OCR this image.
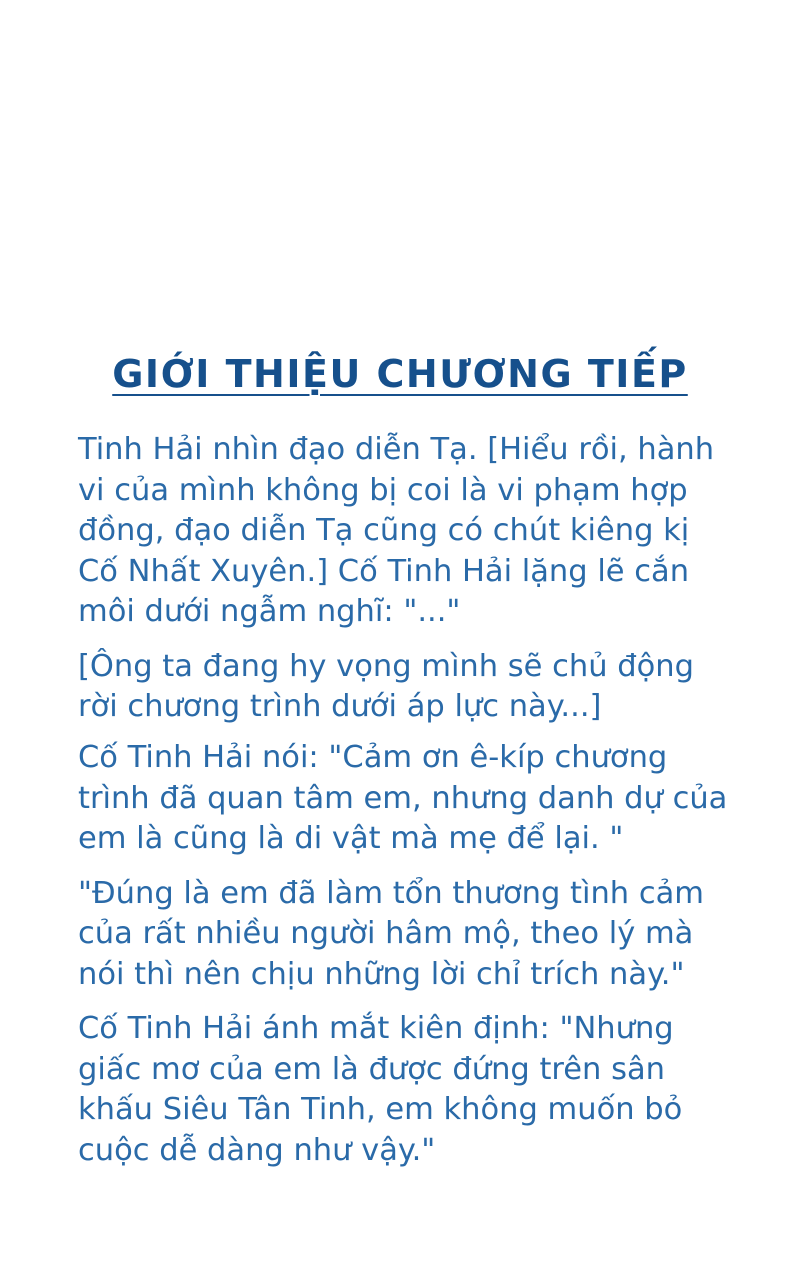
GIỚI THIỆU CHƯƠNG TIẾP

Tinh Hải nhìn đạo diễn Tạ. [Hiểu rồi, hành vi của mình không bị coi là vi phạm hợp đồng, đạo diễn Tạ cũng có chút kiêng kị Cố Nhất Xuyên.] Cố Tinh Hải lặng lẽ cắn môi dưới ngẫm nghĩ: "..."

[Ông ta đang hy vọng mình sẽ chủ động rời chương trình dưới áp lực này...]

Cố Tinh Hải nói: "Cảm ơn ê-kíp chương trình đã quan tâm em, nhưng danh dự của em là cũng là di vật mà mẹ để lại. "

"Đúng là em đã làm tổn thương tình cảm của rất nhiều người hâm mộ, theo lý mà nói thì nên chịu những lời chỉ trích này."

Cố Tinh Hải ánh mắt kiên định: "Nhưng giấc mơ của em là được đứng trên sân khấu Siêu Tân Tinh, em không muốn bỏ cuộc dễ dàng như vậy."
